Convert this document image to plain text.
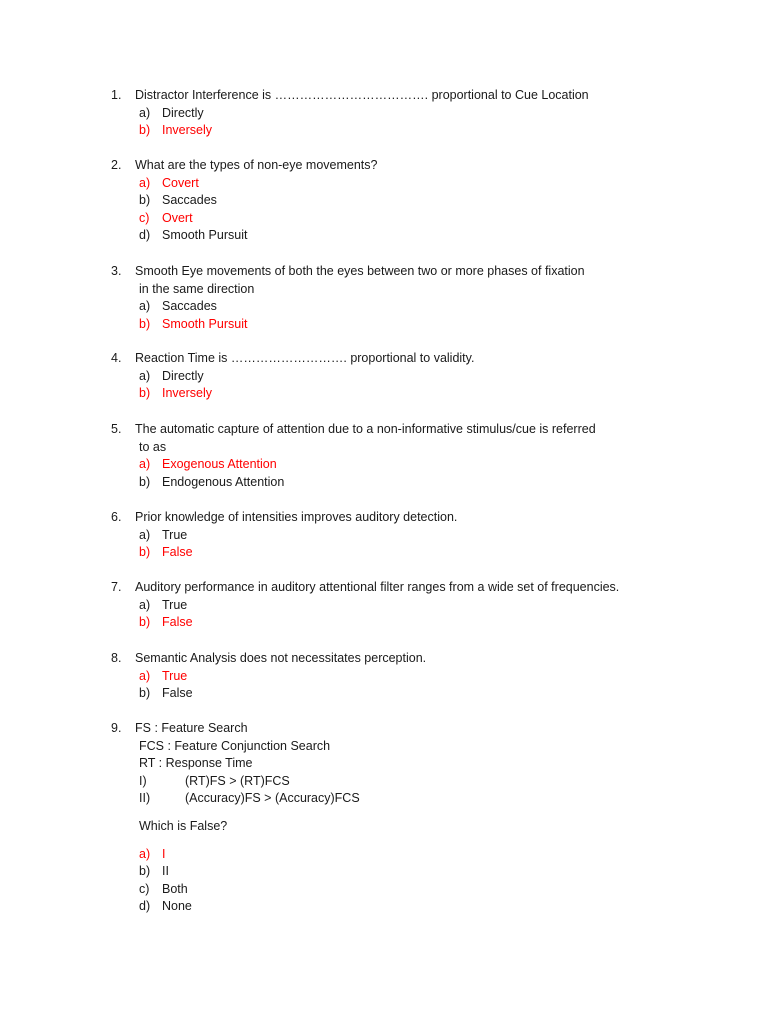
1. Distractor Interference is ………………………………. proportional to Cue Location
a) Directly
b) Inversely
2. What are the types of non-eye movements?
a) Covert
b) Saccades
c) Overt
d) Smooth Pursuit
3. Smooth Eye movements of both the eyes between two or more phases of fixation
in the same direction
a) Saccades
b) Smooth Pursuit
4. Reaction Time is ………………………. proportional to validity.
a) Directly
b) Inversely
5. The automatic capture of attention due to a non-informative stimulus/cue is referred
to as
a) Exogenous Attention
b) Endogenous Attention
6. Prior knowledge of intensities improves auditory detection.
a) True
b) False
7. Auditory performance in auditory attentional filter ranges from a wide set of frequencies.
a) True
b) False
8. Semantic Analysis does not necessitates perception.
a) True
b) False
9. FS : Feature Search
FCS : Feature Conjunction Search
RT : Response Time
I)	(RT)FS > (RT)FCS
II)	(Accuracy)FS > (Accuracy)FCS
Which is False?
a) I
b) II
c) Both
d) None
